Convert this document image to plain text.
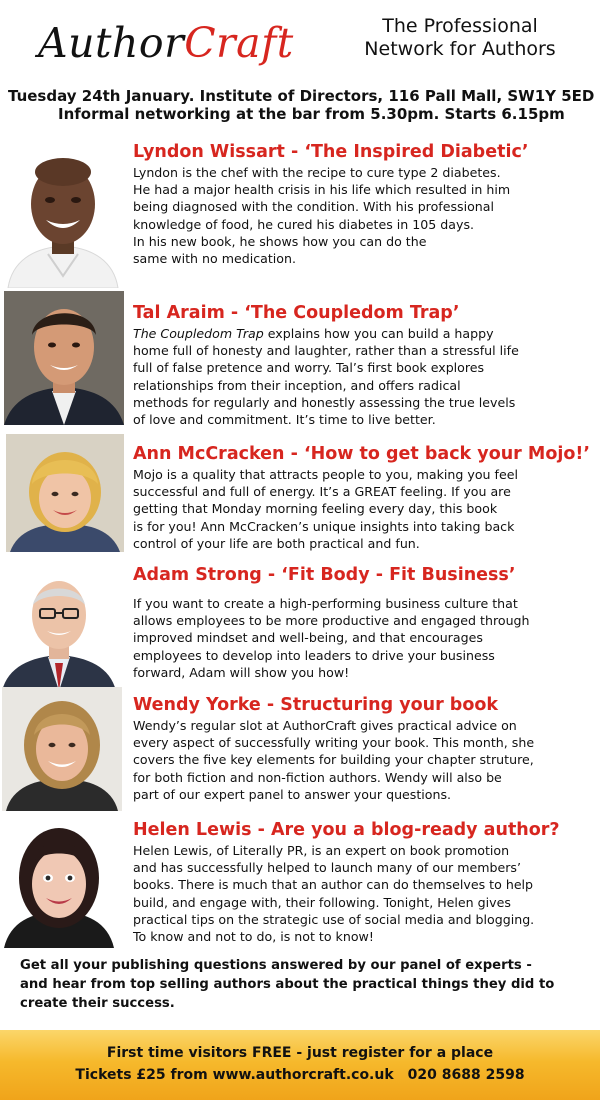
AuthorCraft	The Professional
Network for Authors
Tuesday 24th January. Institute of Directors, 116 Pall Mall, SW1Y 5ED
Informal networking at the bar from 5.30pm. Starts 6.15pm
Lyndon Wissart - ‘The Inspired Diabetic’
Lyndon is the chef with the recipe to cure type 2 diabetes.
He had a major health crisis in his life which resulted in him
being diagnosed with the condition. With his professional
knowledge of food, he cured his diabetes in 105 days.
In his new book, he shows how you can do the
same with no medication.
Tal Araim - ‘The Coupledom Trap’
The Coupledom Trap explains how you can build a happy
home full of honesty and laughter, rather than a stressful life
full of false pretence and worry. Tal’s first book explores
relationships from their inception, and offers radical
methods for regularly and honestly assessing the true levels
of love and commitment. It’s time to live better.
Ann McCracken - ‘How to get back your Mojo!’
Mojo is a quality that attracts people to you, making you feel
successful and full of energy. It’s a GREAT feeling. If you are
getting that Monday morning feeling every day, this book
is for you! Ann McCracken’s unique insights into taking back
control of your life are both practical and fun.
Adam Strong - ‘Fit Body - Fit Business’
If you want to create a high-performing business culture that
allows employees to be more productive and engaged through
improved mindset and well-being, and that encourages
employees to develop into leaders to drive your business
forward, Adam will show you how!
Wendy Yorke - Structuring your book
Wendy’s regular slot at AuthorCraft gives practical advice on
every aspect of successfully writing your book. This month, she
covers the five key elements for building your chapter struture,
for both fiction and non-fiction authors. Wendy will also be
part of our expert panel to answer your questions.
Helen Lewis - Are you a blog-ready author?
Helen Lewis, of Literally PR, is an expert on book promotion
and has successfully helped to launch many of our members’
books. There is much that an author can do themselves to help
build, and engage with, their following. Tonight, Helen gives
practical tips on the strategic use of social media and blogging.
To know and not to do, is not to know!
Get all your publishing questions answered by our panel of experts -
and hear from top selling authors about the practical things they did to
create their success.
First time visitors FREE - just register for a place
Tickets £25 from www.authorcraft.co.uk 020 8688 2598
